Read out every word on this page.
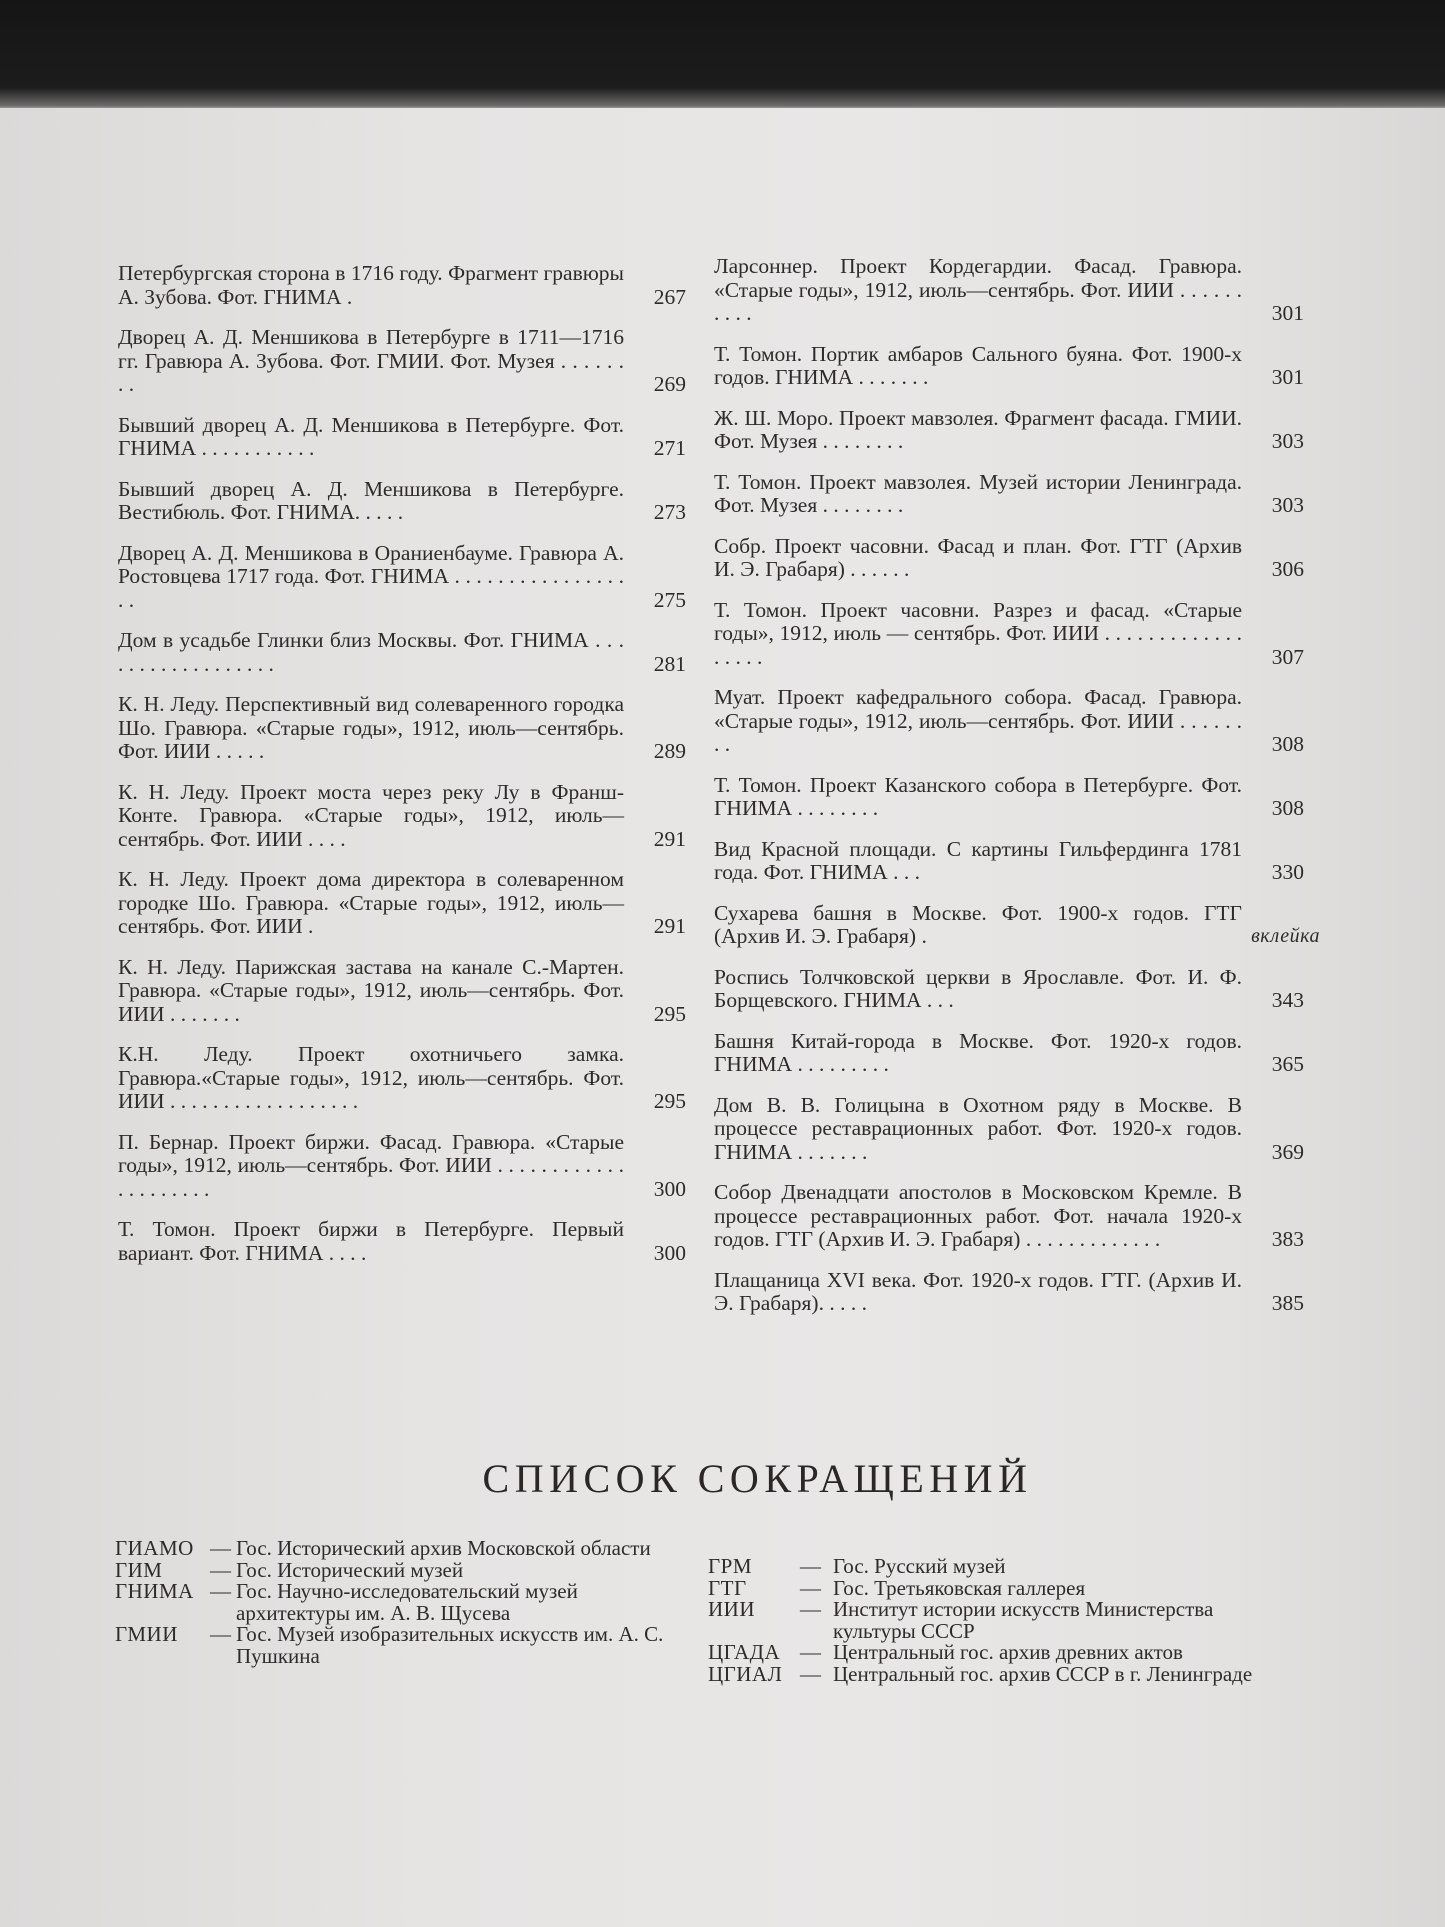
Петербургская сторона в 1716 году. Фрагмент гравюры А. Зубова. Фот. ГНИМА .	267
Дворец А. Д. Меншикова в Петербурге в 1711—1716 гг. Гравюра А. Зубова. Фот. ГМИИ. Фот. Музея . . . . . . . .	269
Бывший дворец А. Д. Меншикова в Петербурге. Фот. ГНИМА . . . . . . . . . . .	271
Бывший дворец А. Д. Меншикова в Петербурге. Вестибюль. Фот. ГНИМА. . . . .	273
Дворец А. Д. Меншикова в Ораниенбауме. Гравюра А. Ростовцева 1717 года. Фот. ГНИМА . . . . . . . . . . . . . . . . . .	275
Дом в усадьбе Глинки близ Москвы. Фот. ГНИМА . . . . . . . . . . . . . . . . . .	281
К. Н. Леду. Перспективный вид солеваренного городка Шо. Гравюра. «Старые годы», 1912, июль—сентябрь. Фот. ИИИ . . . . .	289
К. Н. Леду. Проект моста через реку Лу в Франш-Конте. Гравюра. «Старые годы», 1912, июль—сентябрь. Фот. ИИИ . . . .	291
К. Н. Леду. Проект дома директора в солеваренном городке Шо. Гравюра. «Старые годы», 1912, июль—сентябрь. Фот. ИИИ .	291
К. Н. Леду. Парижская застава на канале С.-Мартен. Гравюра. «Старые годы», 1912, июль—сентябрь. Фот. ИИИ . . . . . . .	295
К.Н. Леду. Проект охотничьего замка. Гравюра.«Старые годы», 1912, июль—сентябрь. Фот. ИИИ . . . . . . . . . . . . . . . . . .	295
П. Бернар. Проект биржи. Фасад. Гравюра. «Старые годы», 1912, июль—сентябрь. Фот. ИИИ . . . . . . . . . . . . . . . . . . . . .	300
Т. Томон. Проект биржи в Петербурге. Первый вариант. Фот. ГНИМА . . . .	300
Ларсоннер. Проект Кордегардии. Фасад. Гравюра. «Старые годы», 1912, июль—сентябрь. Фот. ИИИ . . . . . . . . . .	301
Т. Томон. Портик амбаров Сального буяна. Фот. 1900-х годов. ГНИМА . . . . . . .	301
Ж. Ш. Моро. Проект мавзолея. Фрагмент фасада. ГМИИ. Фот. Музея . . . . . . . .	303
Т. Томон. Проект мавзолея. Музей истории Ленинграда. Фот. Музея . . . . . . . .	303
Собр. Проект часовни. Фасад и план. Фот. ГТГ (Архив И. Э. Грабаря) . . . . . .	306
Т. Томон. Проект часовни. Разрез и фасад. «Старые годы», 1912, июль — сентябрь. Фот. ИИИ . . . . . . . . . . . . . . . . . .	307
Муат. Проект кафедрального собора. Фасад. Гравюра. «Старые годы», 1912, июль—сентябрь. Фот. ИИИ . . . . . . . .	308
Т. Томон. Проект Казанского собора в Петербурге. Фот. ГНИМА . . . . . . . .	308
Вид Красной площади. С картины Гильфердинга 1781 года. Фот. ГНИМА . . .	330
Сухарева башня в Москве. Фот. 1900-х годов. ГТГ (Архив И. Э. Грабаря) .	вклейка
Роспись Толчковской церкви в Ярославле. Фот. И. Ф. Борщевского. ГНИМА . . .	343
Башня Китай-города в Москве. Фот. 1920-х годов. ГНИМА . . . . . . . . .	365
Дом В. В. Голицына в Охотном ряду в Москве. В процессе реставрационных работ. Фот. 1920-х годов. ГНИМА . . . . . . .	369
Собор Двенадцати апостолов в Московском Кремле. В процессе реставрационных работ. Фот. начала 1920-х годов. ГТГ (Архив И. Э. Грабаря) . . . . . . . . . . . . .	383
Плащаница XVI века. Фот. 1920-х годов. ГТГ. (Архив И. Э. Грабаря). . . . .	385
СПИСОК СОКРАЩЕНИЙ
ГИАМО — Гос. Исторический архив Московской области
ГИМ	— Гос. Исторический музей
ГНИМА — Гос. Научно-исследовательский музей архитектуры им. А. В. Щусева
ГМИИ	— Гос. Музей изобразительных искусств им. А. С. Пушкина
ГРМ	— Гос. Русский музей
ГТГ	— Гос. Третьяковская галлерея
ИИИ	— Институт истории искусств Министерства культуры СССР
ЦГАДА — Центральный гос. архив древних актов
ЦГИАЛ — Центральный гос. архив СССР в г. Ленинграде
